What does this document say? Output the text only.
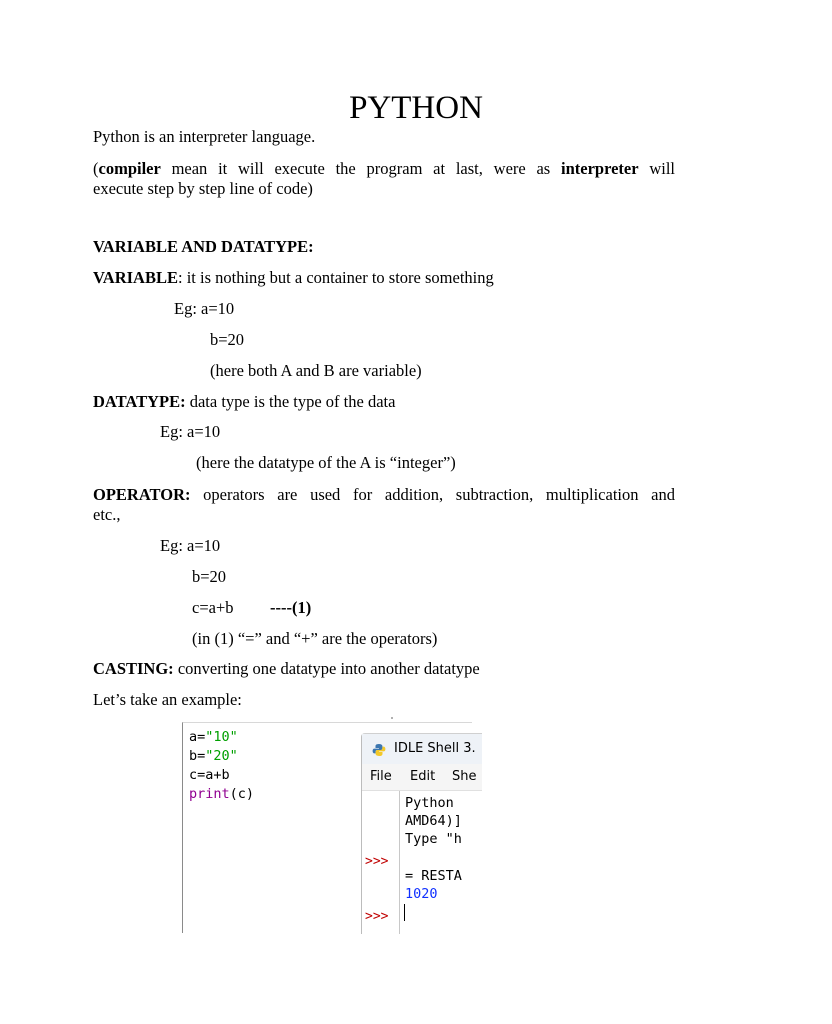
PYTHON
Python is an interpreter language.
(compiler mean it will execute the program at last, were as interpreter will
execute step by step line of code)
VARIABLE AND DATATYPE:
VARIABLE: it is nothing but a container to store something
Eg: a=10
b=20
(here both A and B are variable)
DATATYPE: data type is the type of the data
Eg: a=10
(here the datatype of the A is “integer”)
OPERATOR: operators are used for addition, subtraction, multiplication and
etc.,
Eg: a=10
b=20
c=a+b ----(1)
(in (1) “=” and “+” are the operators)
CASTING: converting one datatype into another datatype
Let’s take an example:
a="10"
b="20"
c=a+b
print(c)
IDLE Shell 3.
File Edit She
>>>
>>>
Python
AMD64)]
Type "h
= RESTA
1020
